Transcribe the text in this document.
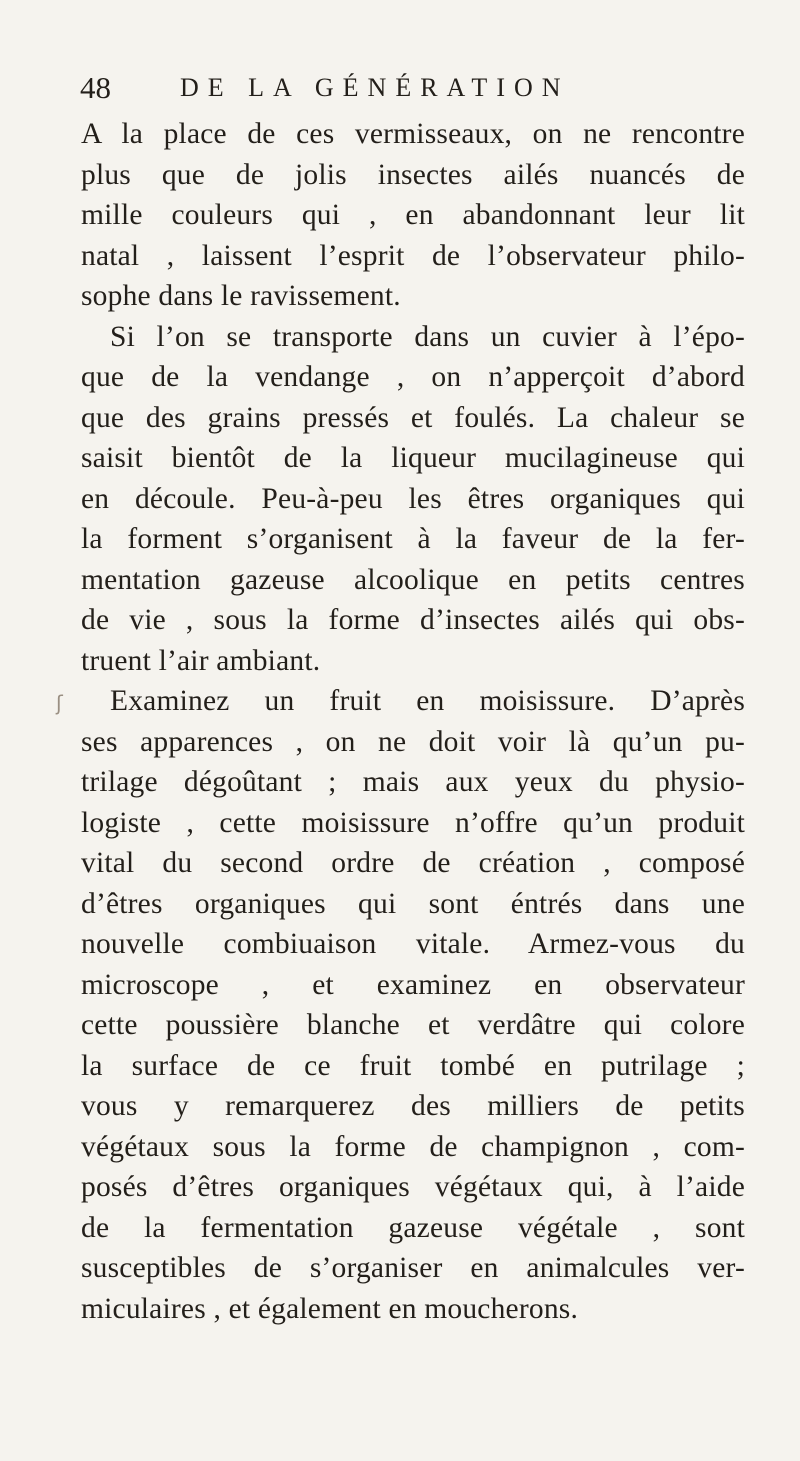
48	DE LA GÉNÉRATION
ʃ
A la place de ces vermisseaux, on ne rencontre
plus que de jolis insectes ailés nuancés de
mille couleurs qui , en abandonnant leur lit
natal , laissent l’esprit de l’observateur philo-
sophe dans le ravissement.
Si l’on se transporte dans un cuvier à l’épo-
que de la vendange , on n’apperçoit d’abord
que des grains pressés et foulés. La chaleur se
saisit bientôt de la liqueur mucilagineuse qui
en découle. Peu-à-peu les êtres organiques qui
la forment s’organisent à la faveur de la fer-
mentation gazeuse alcoolique en petits centres
de vie , sous la forme d’insectes ailés qui obs-
truent l’air ambiant.
Examinez un fruit en moisissure. D’après
ses apparences , on ne doit voir là qu’un pu-
trilage dégoûtant ; mais aux yeux du physio-
logiste , cette moisissure n’offre qu’un produit
vital du second ordre de création , composé
d’êtres organiques qui sont éntrés dans une
nouvelle combiuaison vitale. Armez-vous du
microscope , et examinez en observateur
cette poussière blanche et verdâtre qui colore
la surface de ce fruit tombé en putrilage ;
vous y remarquerez des milliers de petits
végétaux sous la forme de champignon , com-
posés d’êtres organiques végétaux qui, à l’aide
de la fermentation gazeuse végétale , sont
susceptibles de s’organiser en animalcules ver-
miculaires , et également en moucherons.
